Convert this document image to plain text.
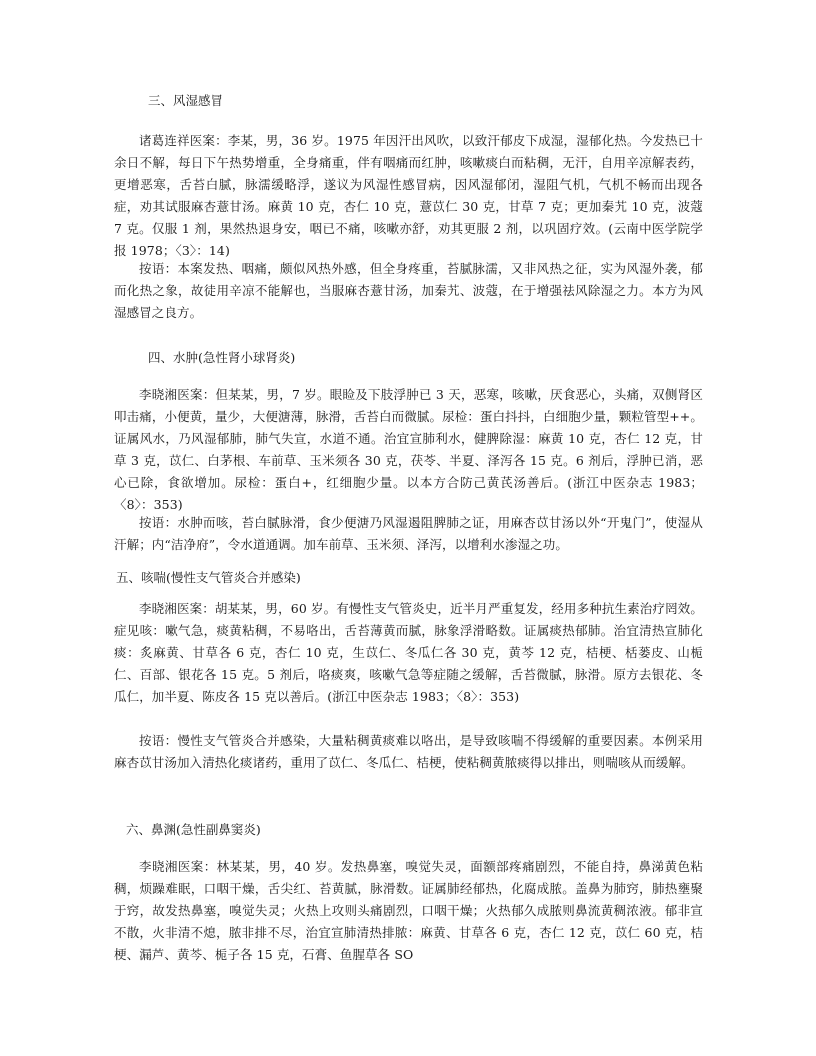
三、风湿感冒

诸葛连祥医案：李某，男，36 岁。1975 年因汗出风吹，以致汗郁皮下成湿，湿郁化热。今发热已十余日不解，每日下午热势增重，全身痛重，伴有咽痛而红肿，咳嗽痰白而粘稠，无汗，自用辛凉解表药，更增恶寒，舌苔白腻，脉濡缓略浮，遂议为风湿性感冒病，因风湿郁闭，湿阻气机，气机不畅而出现各症，劝其试服麻杏薏甘汤。麻黄 10 克，杏仁 10 克，薏苡仁 30 克，甘草 7 克；更加秦艽 10 克，波蔻 7 克。仅服 1 剂，果然热退身安，咽已不痛，咳嗽亦舒，劝其更服 2 剂，以巩固疗效。(云南中医学院学报 1978；〈3〉：14)

按语：本案发热、咽痛，颇似风热外感，但全身疼重，苔腻脉濡，又非风热之征，实为风湿外袭，郁而化热之象，故徒用辛凉不能解也，当服麻杏薏甘汤，加秦艽、波蔻，在于增强祛风除湿之力。本方为风湿感冒之良方。

四、水肿(急性肾小球肾炎)

李晓湘医案：但某某，男，7 岁。眼睑及下肢浮肿已 3 天，恶寒，咳嗽，厌食恶心，头痛，双侧肾区叩击痛，小便黄，量少，大便溏薄，脉滑，舌苔白而微腻。尿检：蛋白抖抖，白细胞少量，颗粒管型++。证属风水，乃风湿郁肺，肺气失宣，水道不通。治宜宣肺利水，健脾除湿：麻黄 10 克，杏仁 12 克，甘草 3 克，苡仁、白茅根、车前草、玉米须各 30 克，茯苓、半夏、泽泻各 15 克。6 剂后，浮肿已消，恶心已除，食欲增加。尿检：蛋白+，红细胞少量。以本方合防己黄芪汤善后。(浙江中医杂志 1983；〈8〉：353)

按语：水肿而咳，苔白腻脉滑，食少便溏乃风湿遏阻脾肺之证，用麻杏苡甘汤以外“开鬼门”，使湿从汗解；内“洁净府”，令水道通调。加车前草、玉米须、泽泻，以增利水渗湿之功。

五、咳喘(慢性支气管炎合并感染)

李晓湘医案：胡某某，男，60 岁。有慢性支气管炎史，近半月严重复发，经用多种抗生素治疗罔效。症见咳：嗽气急，痰黄粘稠，不易咯出，舌苔薄黄而腻，脉象浮滑略数。证属痰热郁肺。治宜清热宣肺化痰：炙麻黄、甘草各 6 克，杏仁 10 克，生苡仁、冬瓜仁各 30 克，黄芩 12 克，桔梗、栝蒌皮、山栀仁、百部、银花各 15 克。5 剂后，咯痰爽，咳嗽气急等症随之缓解，舌苔微腻，脉滑。原方去银花、冬瓜仁，加半夏、陈皮各 15 克以善后。(浙江中医杂志 1983；〈8〉：353)

按语：慢性支气管炎合并感染，大量粘稠黄痰难以咯出，是导致咳喘不得缓解的重要因素。本例采用麻杏苡甘汤加入清热化痰诸药，重用了苡仁、冬瓜仁、桔梗，使粘稠黄脓痰得以排出，则喘咳从而缓解。

六、鼻渊(急性副鼻窦炎)

李晓湘医案：林某某，男，40 岁。发热鼻塞，嗅觉失灵，面额部疼痛剧烈，不能自持，鼻涕黄色粘稠，烦躁难眠，口咽干燥，舌尖红、苔黄腻，脉滑数。证属肺经郁热，化腐成脓。盖鼻为肺窍，肺热壅聚于窍，故发热鼻塞，嗅觉失灵；火热上攻则头痛剧烈，口咽干燥；火热郁久成脓则鼻流黄稠浓液。郁非宣不散，火非清不熄，脓非排不尽，治宜宣肺清热排脓：麻黄、甘草各 6 克，杏仁 12 克，苡仁 60 克，桔梗、漏芦、黄芩、栀子各 15 克，石膏、鱼腥草各 SO
